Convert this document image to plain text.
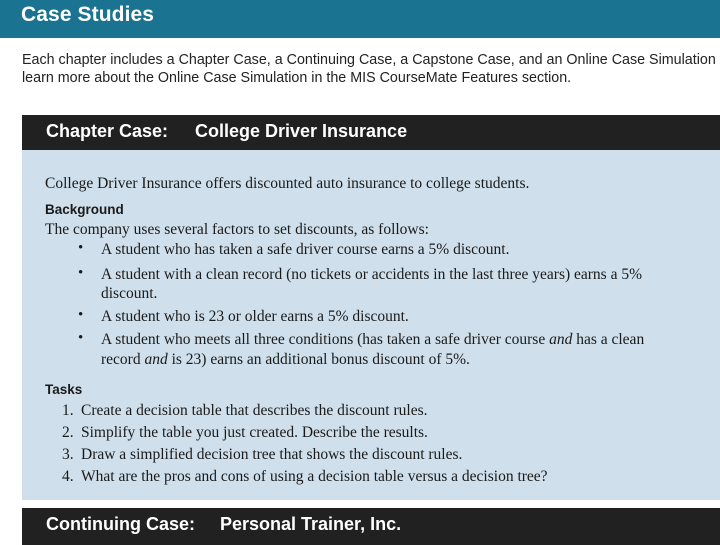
Case Studies
Each chapter includes a Chapter Case, a Continuing Case, a Capstone Case, and an Online Case Simulation
learn more about the Online Case Simulation in the MIS CourseMate Features section.
Chapter Case: College Driver Insurance
College Driver Insurance offers discounted auto insurance to college students.
Background
The company uses several factors to set discounts, as follows:
• A student who has taken a safe driver course earns a 5% discount.
• A student with a clean record (no tickets or accidents in the last three years) earns a 5%
discount.
• A student who is 23 or older earns a 5% discount.
• A student who meets all three conditions (has taken a safe driver course and has a clean
record and is 23) earns an additional bonus discount of 5%.
Tasks
1. Create a decision table that describes the discount rules.
2. Simplify the table you just created. Describe the results.
3. Draw a simplified decision tree that shows the discount rules.
4. What are the pros and cons of using a decision table versus a decision tree?
Continuing Case: Personal Trainer, Inc.
